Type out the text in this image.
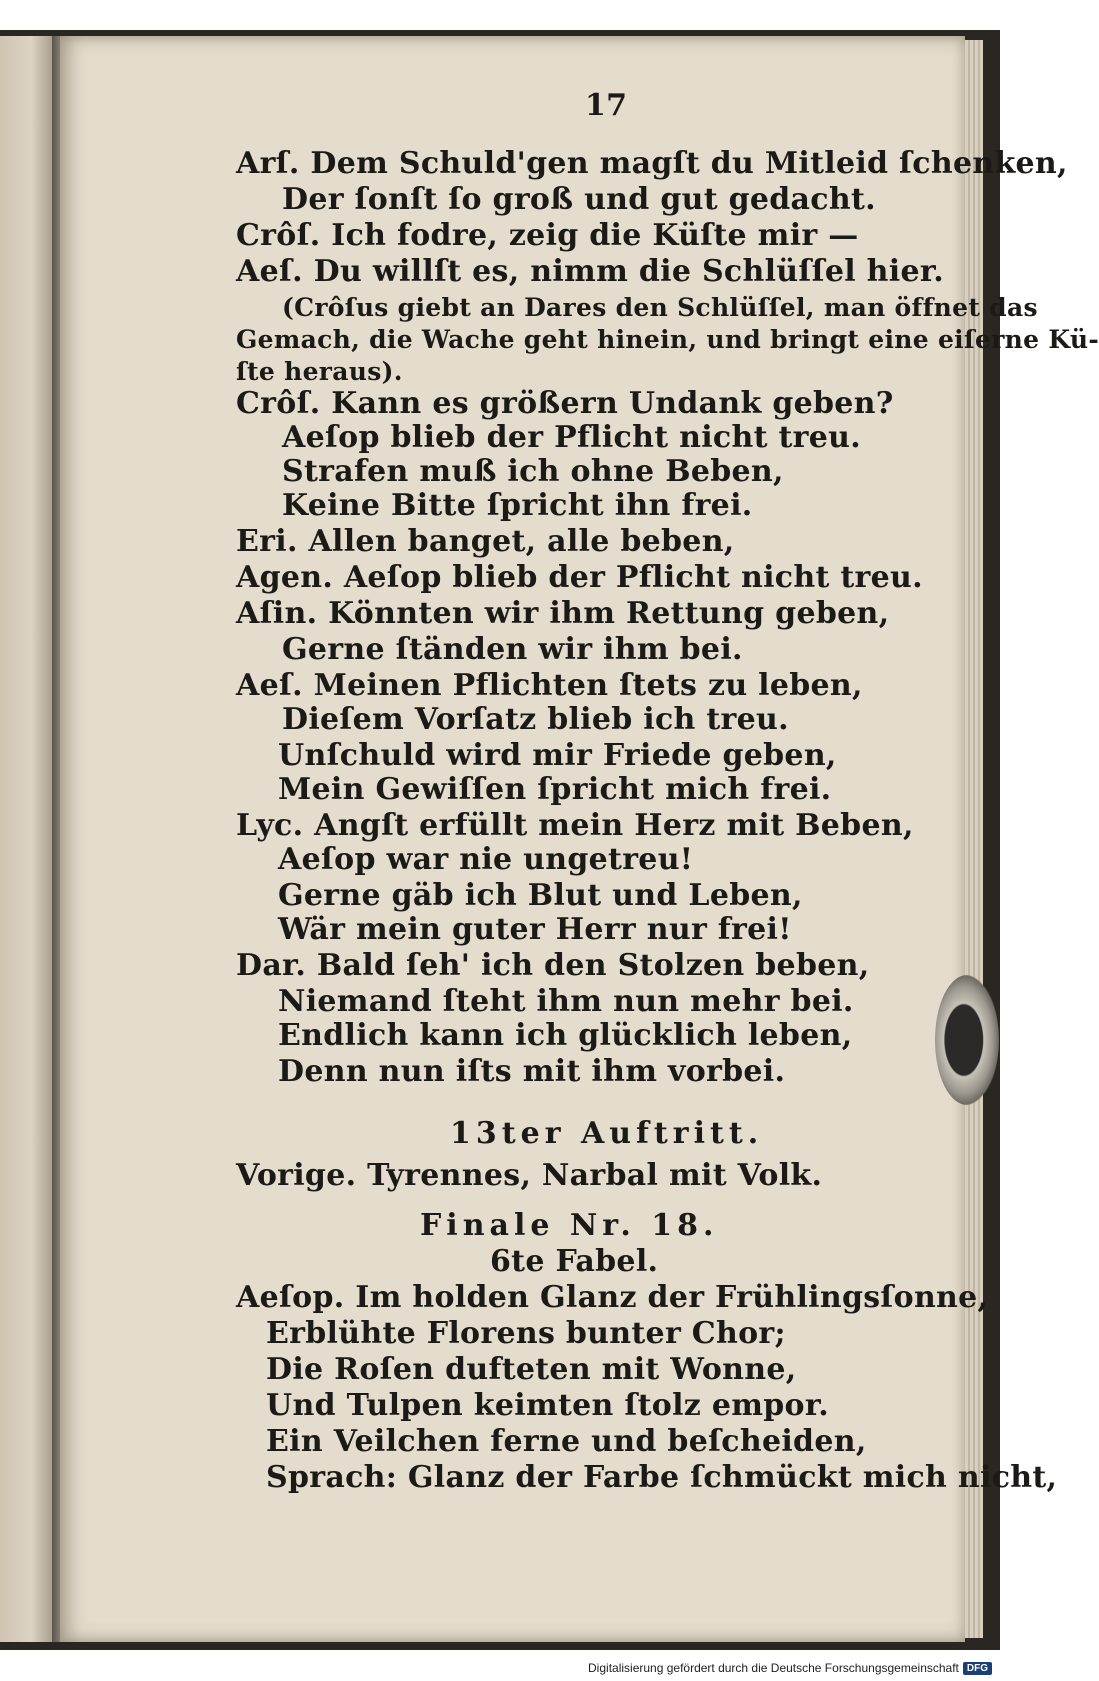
17
Arſ. Dem Schuld'gen magſt du Mitleid ſchenken,
Der ſonſt ſo groß und gut gedacht.
Crôſ. Ich fodre, zeig die Küſte mir —
Aeſ. Du willſt es, nimm die Schlüſſel hier.
(Crôſus giebt an Dares den Schlüſſel, man öffnet das
Gemach, die Wache geht hinein, und bringt eine eiſerne Kü-
ſte heraus).
Crôſ. Kann es größern Undank geben?
Aeſop blieb der Pflicht nicht treu.
Strafen muß ich ohne Beben,
Keine Bitte ſpricht ihn frei.
Eri. Allen banget, alle beben,
Agen. Aeſop blieb der Pflicht nicht treu.
Aſin. Könnten wir ihm Rettung geben,
Gerne ſtänden wir ihm bei.
Aeſ. Meinen Pflichten ſtets zu leben,
Dieſem Vorſatz blieb ich treu.
Unſchuld wird mir Friede geben,
Mein Gewiſſen ſpricht mich frei.
Lyc. Angſt erfüllt mein Herz mit Beben,
Aeſop war nie ungetreu!
Gerne gäb ich Blut und Leben,
Wär mein guter Herr nur frei!
Dar. Bald ſeh' ich den Stolzen beben,
Niemand ſteht ihm nun mehr bei.
Endlich kann ich glücklich leben,
Denn nun iſts mit ihm vorbei.
13ter Auftritt.
Vorige. Tyrennes, Narbal mit Volk.
Finale Nr. 18.
6te Fabel.
Aeſop. Im holden Glanz der Frühlingsſonne,
Erblühte Florens bunter Chor;
Die Roſen dufteten mit Wonne,
Und Tulpen keimten ſtolz empor.
Ein Veilchen ferne und beſcheiden,
Sprach: Glanz der Farbe ſchmückt mich nicht,
Digitalisierung gefördert durch die Deutsche Forschungsgemeinschaft DFG
